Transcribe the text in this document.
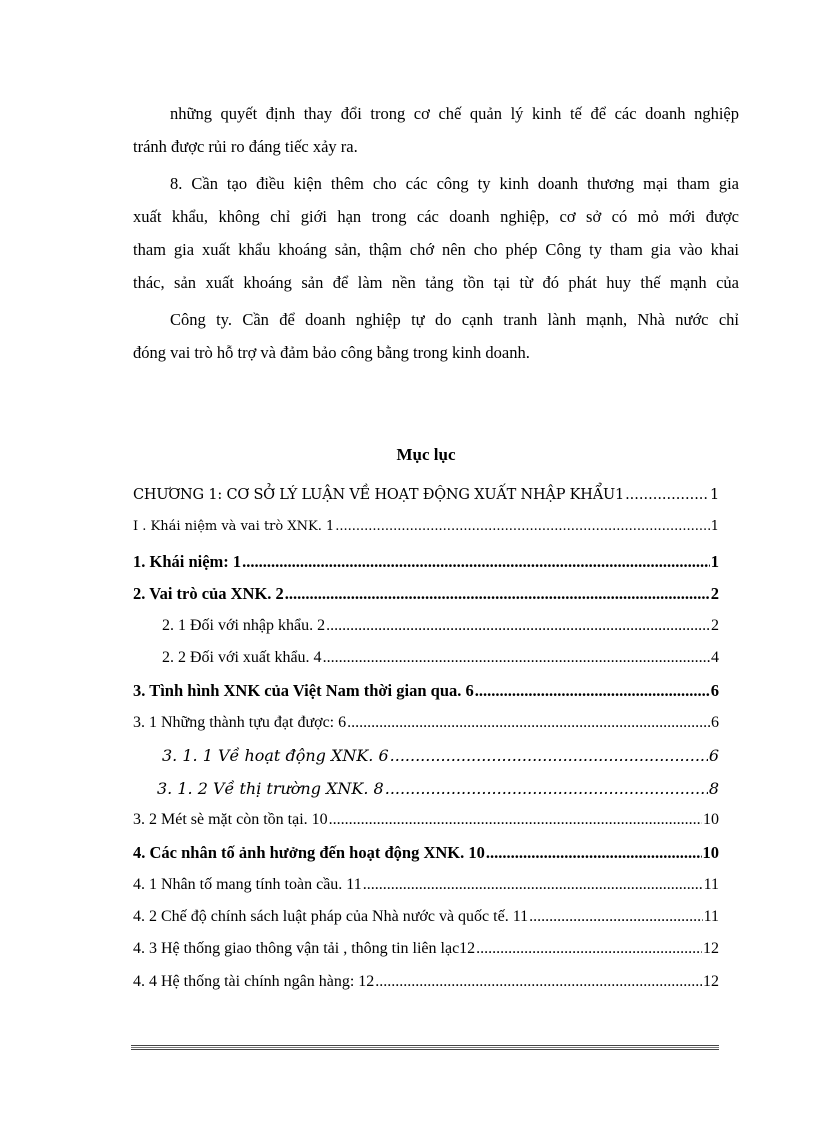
những quyết định thay đổi trong cơ chế quản lý kinh tế để các doanh nghiệp

tránh được rủi ro đáng tiếc xảy ra.

8. Cần tạo điều kiện thêm cho các công ty kinh doanh thương mại tham gia

xuất khẩu, không chỉ giới hạn trong các doanh nghiệp, cơ sở có mỏ mới được

tham gia xuất khẩu khoáng sản, thậm chớ nên cho phép Công ty tham gia vào khai

thác, sản xuất khoáng sản để làm nền tảng tồn tại từ đó phát huy thế mạnh của

Công ty. Cần để doanh nghiệp tự do cạnh tranh lành mạnh, Nhà nước chỉ

đóng vai trò hỗ trợ và đảm bảo công bằng trong kinh doanh.

Mục lục
CHƯƠNG 1: CƠ SỞ LÝ LUẬN VỀ HOẠT ĐỘNG XUẤT NHẬP KHẨU1 .....	1
I . Khái niệm và vai trò XNK. 1 .....	1
1. Khái niệm: 1 .....	1
2. Vai trò của XNK. 2 .....	2
2. 1 Đối với nhập khẩu. 2 .....	2
2. 2 Đối với xuất khẩu. 4 .....	4
3. Tình hình XNK của Việt Nam thời gian qua. 6 .....	6
3. 1 Những thành tựu đạt được: 6 .....	6
3. 1. 1 Về hoạt động XNK. 6 .....	6
3. 1. 2 Về thị trường XNK. 8 .....	8
3. 2 Mét sè mặt còn tồn tại. 10 .....	10
4. Các nhân tố ảnh hưởng đến hoạt động XNK. 10 .....	10
4. 1 Nhân tố mang tính toàn cầu. 11 .....	11
4. 2 Chế độ chính sách luật pháp của Nhà nước và quốc tế. 11 .....	11
4. 3 Hệ thống giao thông vận tải , thông tin liên lạc12 .....	12
4. 4 Hệ thống tài chính ngân hàng: 12 .....	12
